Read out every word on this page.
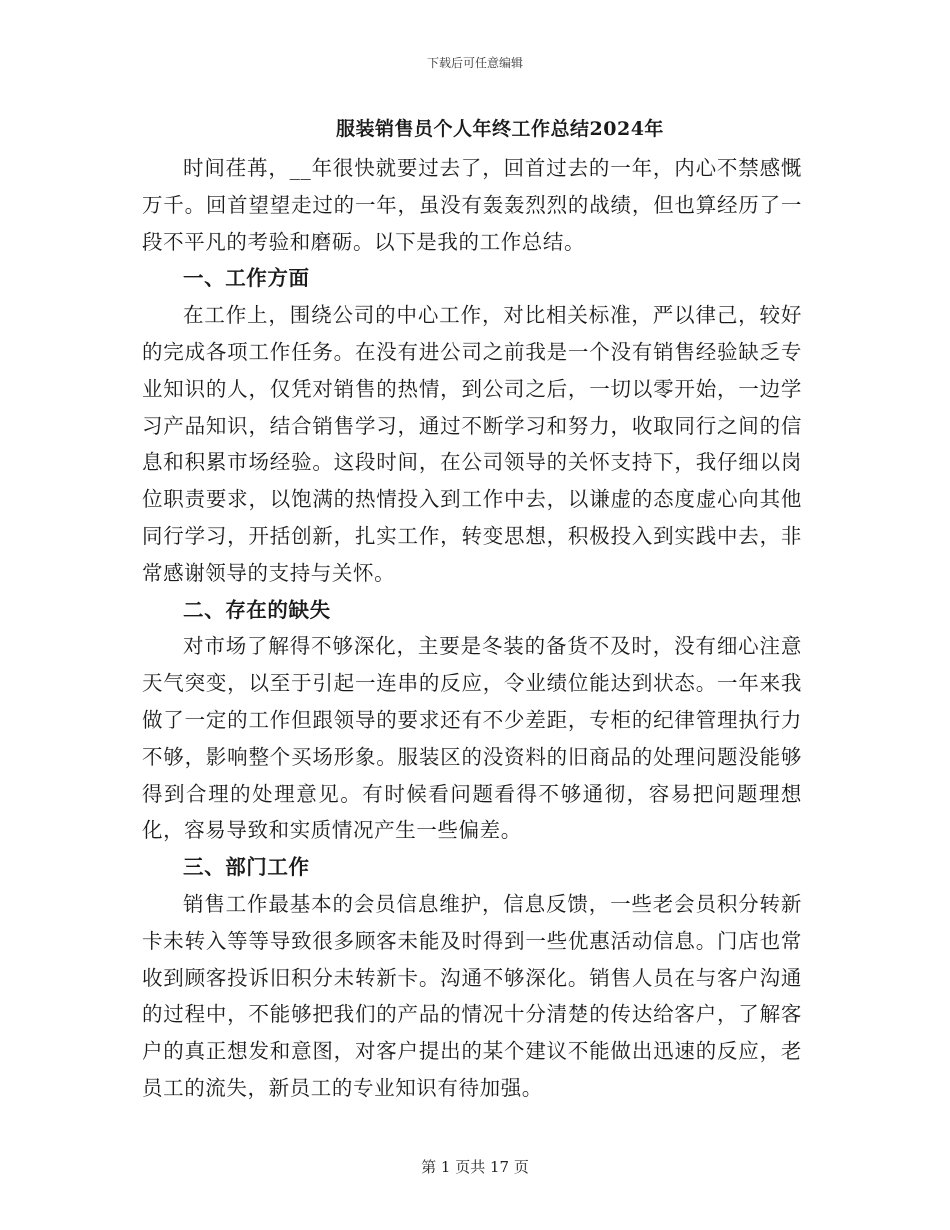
下载后可任意编辑
服装销售员个人年终工作总结2024年

时间荏苒，__年很快就要过去了，回首过去的一年，内心不禁感慨万千。回首望望走过的一年，虽没有轰轰烈烈的战绩，但也算经历了一段不平凡的考验和磨砺。以下是我的工作总结。

一、工作方面

在工作上，围绕公司的中心工作，对比相关标准，严以律己，较好的完成各项工作任务。在没有进公司之前我是一个没有销售经验缺乏专业知识的人，仅凭对销售的热情，到公司之后，一切以零开始，一边学习产品知识，结合销售学习，通过不断学习和努力，收取同行之间的信息和积累市场经验。这段时间，在公司领导的关怀支持下，我仔细以岗位职责要求，以饱满的热情投入到工作中去，以谦虚的态度虚心向其他同行学习，开括创新，扎实工作，转变思想，积极投入到实践中去，非常感谢领导的支持与关怀。

二、存在的缺失

对市场了解得不够深化，主要是冬装的备货不及时，没有细心注意天气突变，以至于引起一连串的反应，令业绩位能达到状态。一年来我做了一定的工作但跟领导的要求还有不少差距，专柜的纪律管理执行力不够，影响整个买场形象。服装区的没资料的旧商品的处理问题没能够得到合理的处理意见。有时候看问题看得不够通彻，容易把问题理想化，容易导致和实质情况产生一些偏差。

三、部门工作

销售工作最基本的会员信息维护，信息反馈，一些老会员积分转新卡未转入等等导致很多顾客未能及时得到一些优惠活动信息。门店也常收到顾客投诉旧积分未转新卡。沟通不够深化。销售人员在与客户沟通的过程中，不能够把我们的产品的情况十分清楚的传达给客户，了解客户的真正想发和意图，对客户提出的某个建议不能做出迅速的反应，老员工的流失，新员工的专业知识有待加强。

第 1 页共 17 页
